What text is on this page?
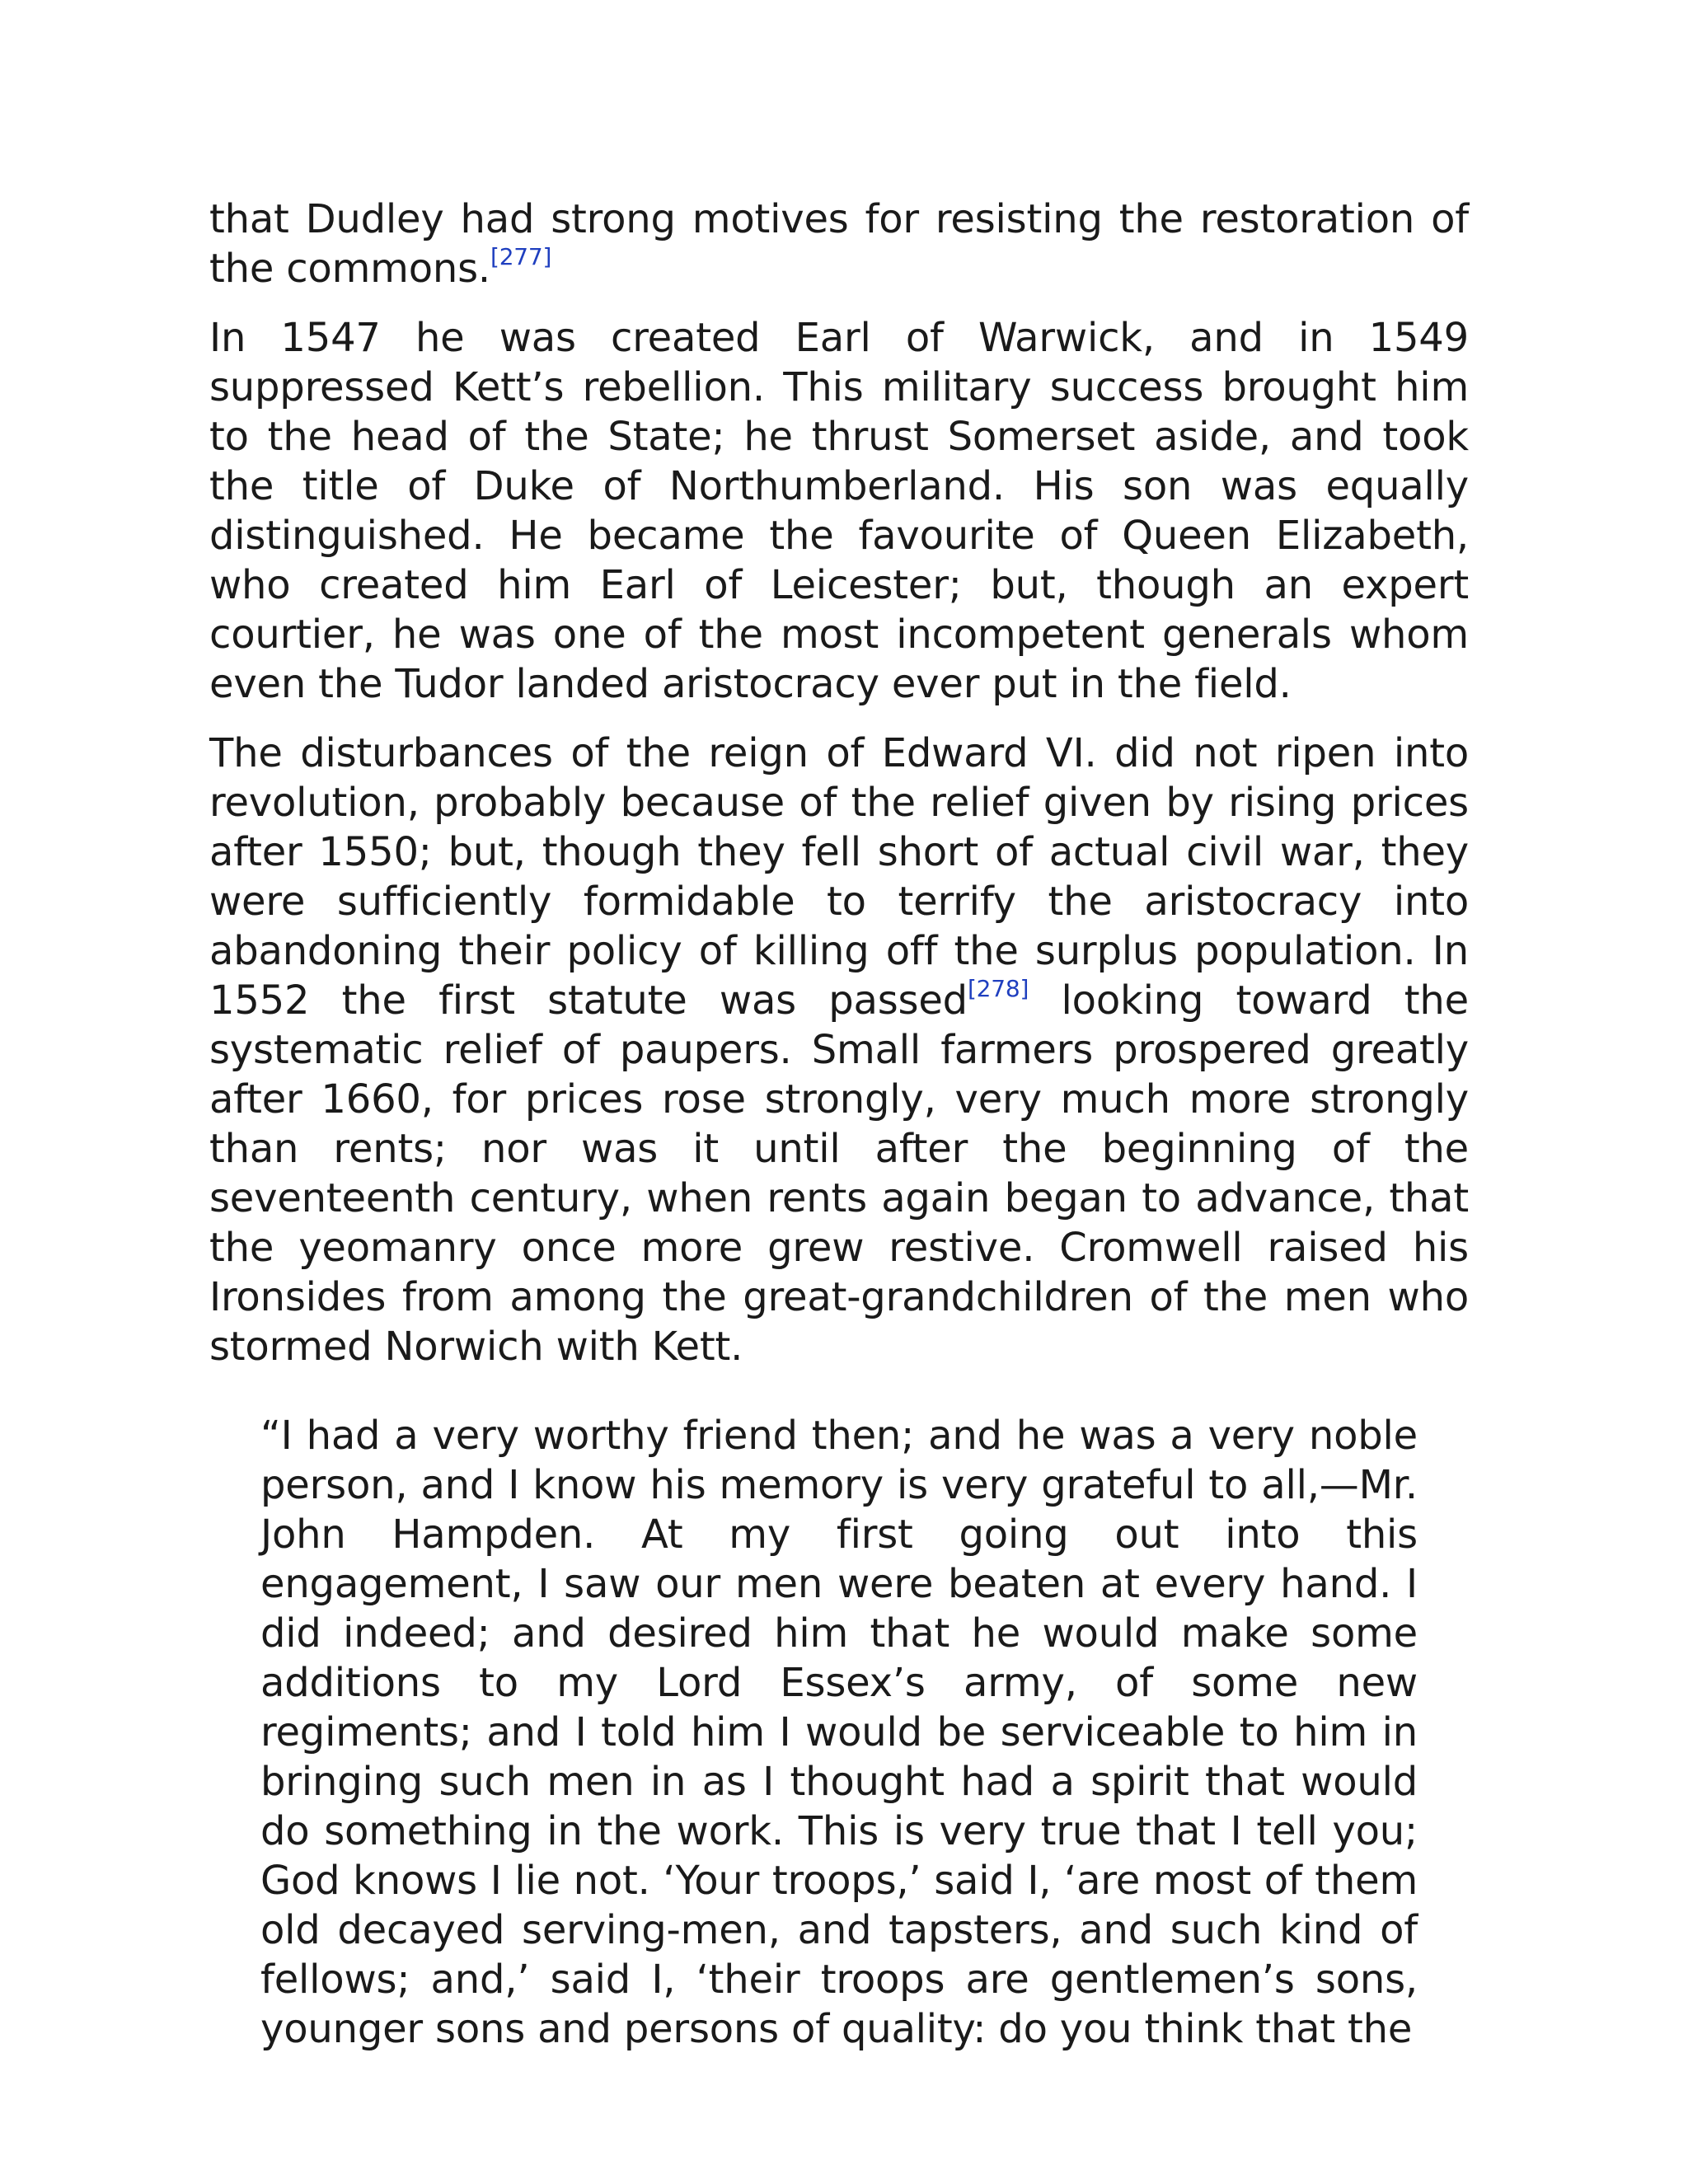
that Dudley had strong motives for resisting the restoration of the commons.[277]

In 1547 he was created Earl of Warwick, and in 1549 suppressed Kett’s rebellion. This military success brought him to the head of the State; he thrust Somerset aside, and took the title of Duke of Northumberland. His son was equally distinguished. He became the favourite of Queen Elizabeth, who created him Earl of Leicester; but, though an expert courtier, he was one of the most incompetent generals whom even the Tudor landed aristocracy ever put in the field.

The disturbances of the reign of Edward VI. did not ripen into revolution, probably because of the relief given by rising prices after 1550; but, though they fell short of actual civil war, they were sufficiently formidable to terrify the aristocracy into abandoning their policy of killing off the surplus population. In 1552 the first statute was passed[278] looking toward the systematic relief of paupers. Small farmers prospered greatly after 1660, for prices rose strongly, very much more strongly than rents; nor was it until after the beginning of the seventeenth century, when rents again began to advance, that the yeomanry once more grew restive. Cromwell raised his Ironsides from among the great-grandchildren of the men who stormed Norwich with Kett.

“I had a very worthy friend then; and he was a very noble person, and I know his memory is very grateful to all,—Mr. John Hampden. At my first going out into this engagement, I saw our men were beaten at every hand. I did indeed; and desired him that he would make some additions to my Lord Essex’s army, of some new regiments; and I told him I would be serviceable to him in bringing such men in as I thought had a spirit that would do something in the work. This is very true that I tell you; God knows I lie not. ‘Your troops,’ said I, ‘are most of them old decayed serving-men, and tapsters, and such kind of fellows; and,’ said I, ‘their troops are gentlemen’s sons, younger sons and persons of quality: do you think that the
